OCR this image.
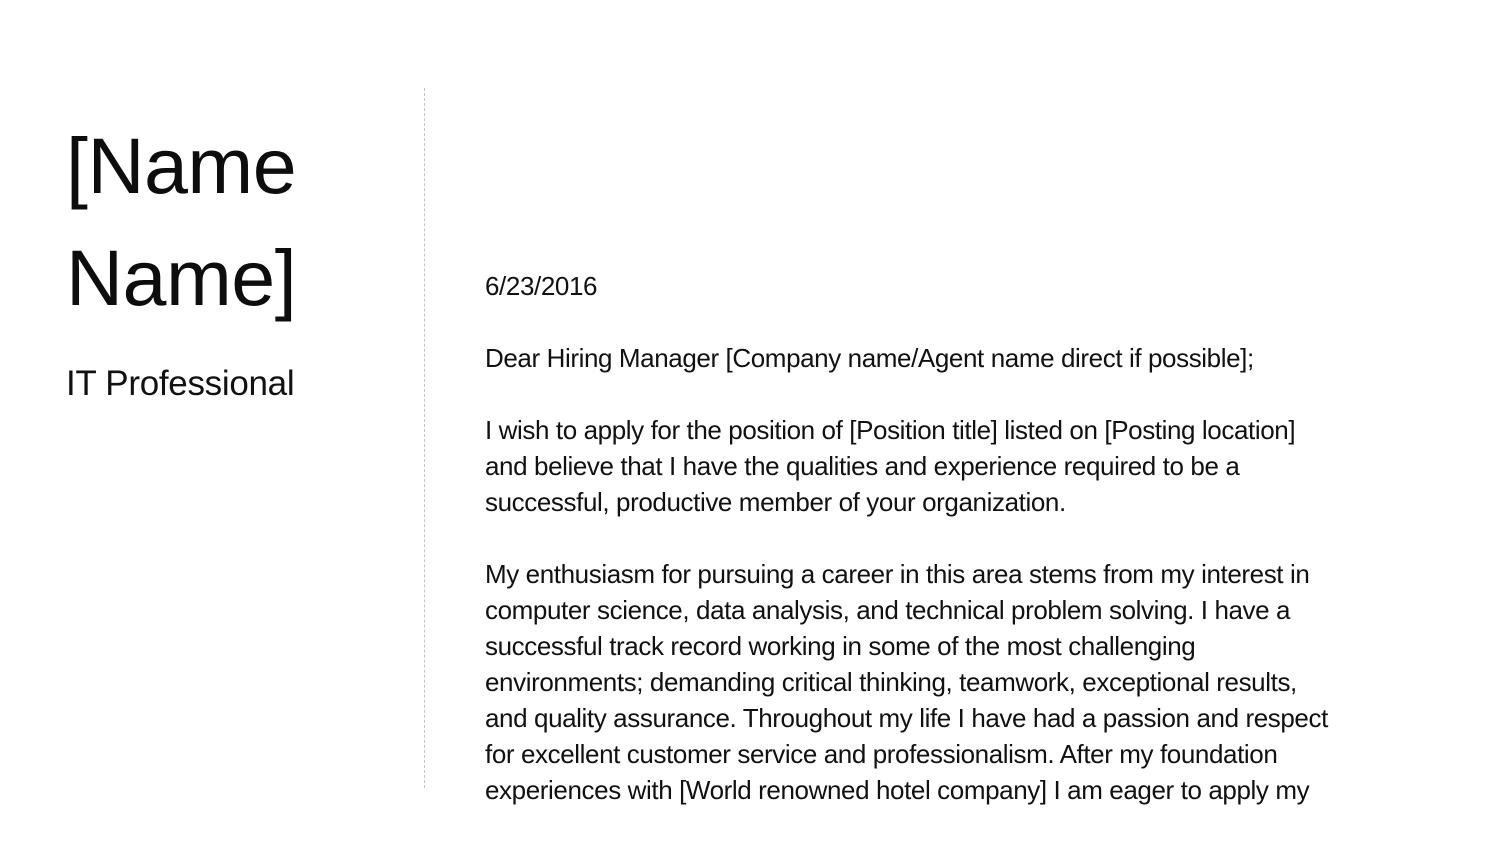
[Name
Name]
IT Professional

6/23/2016

Dear Hiring Manager [Company name/Agent name direct if possible];

I wish to apply for the position of [Position title] listed on [Posting location]
and believe that I have the qualities and experience required to be a
successful, productive member of your organization.

My enthusiasm for pursuing a career in this area stems from my interest in
computer science, data analysis, and technical problem solving. I have a
successful track record working in some of the most challenging
environments; demanding critical thinking, teamwork, exceptional results,
and quality assurance. Throughout my life I have had a passion and respect
for excellent customer service and professionalism. After my foundation
experiences with [World renowned hotel company] I am eager to apply my
